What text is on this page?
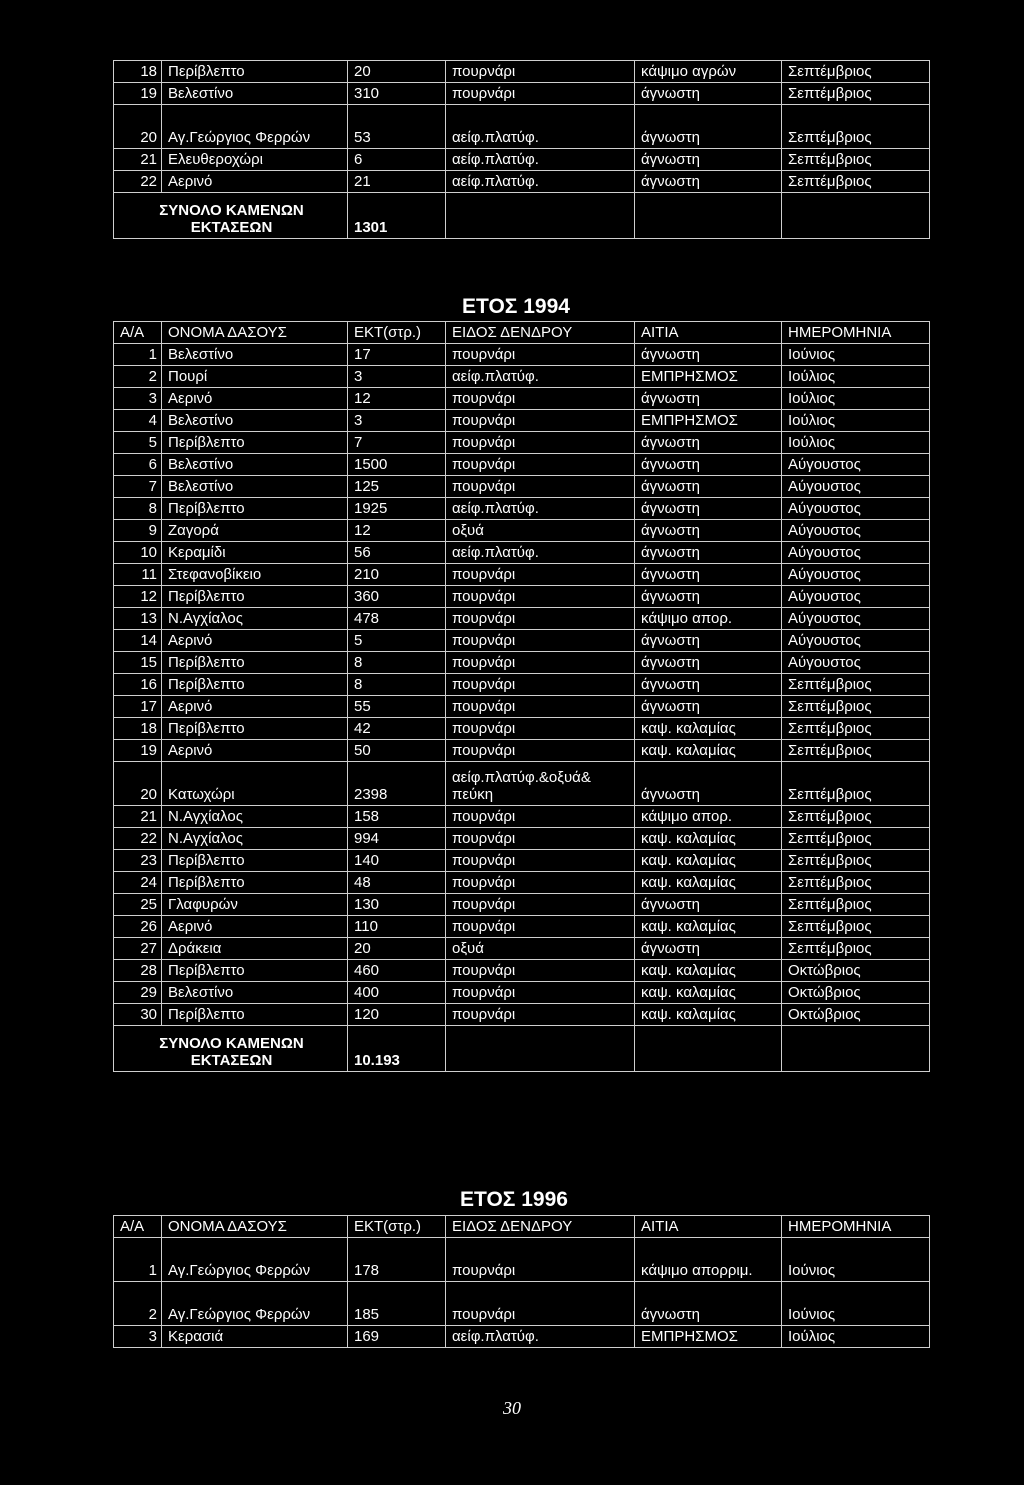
18	Περίβλεπτο	20	πουρνάρι	κάψιμο αγρών	Σεπτέμβριος
19	Βελεστίνο	310	πουρνάρι	άγνωστη	Σεπτέμβριος
20	Αγ.Γεώργιος Φερρών	53	αείφ.πλατύφ.	άγνωστη	Σεπτέμβριος
21	Ελευθεροχώρι	6	αείφ.πλατύφ.	άγνωστη	Σεπτέμβριος
22	Αερινό	21	αείφ.πλατύφ.	άγνωστη	Σεπτέμβριος
ΣΥΝΟΛΟ ΚΑΜΕΝΩΝ ΕΚΤΑΣΕΩΝ		1301			
ΕΤΟΣ 1994
Α/Α	ΟΝΟΜΑ ΔΑΣΟΥΣ	ΕΚΤ(στρ.)	ΕΙΔΟΣ ΔΕΝΔΡΟΥ	ΑΙΤΙΑ	ΗΜΕΡΟΜΗΝΙΑ
1	Βελεστίνο	17	πουρνάρι	άγνωστη	Ιούνιος
2	Πουρί	3	αείφ.πλατύφ.	ΕΜΠΡΗΣΜΟΣ	Ιούλιος
3	Αερινό	12	πουρνάρι	άγνωστη	Ιούλιος
4	Βελεστίνο	3	πουρνάρι	ΕΜΠΡΗΣΜΟΣ	Ιούλιος
5	Περίβλεπτο	7	πουρνάρι	άγνωστη	Ιούλιος
6	Βελεστίνο	1500	πουρνάρι	άγνωστη	Αύγουστος
7	Βελεστίνο	125	πουρνάρι	άγνωστη	Αύγουστος
8	Περίβλεπτο	1925	αείφ.πλατύφ.	άγνωστη	Αύγουστος
9	Ζαγορά	12	οξυά	άγνωστη	Αύγουστος
10	Κεραμίδι	56	αείφ.πλατύφ.	άγνωστη	Αύγουστος
11	Στεφανοβίκειο	210	πουρνάρι	άγνωστη	Αύγουστος
12	Περίβλεπτο	360	πουρνάρι	άγνωστη	Αύγουστος
13	Ν.Αγχίαλος	478	πουρνάρι	κάψιμο απορ.	Αύγουστος
14	Αερινό	5	πουρνάρι	άγνωστη	Αύγουστος
15	Περίβλεπτο	8	πουρνάρι	άγνωστη	Αύγουστος
16	Περίβλεπτο	8	πουρνάρι	άγνωστη	Σεπτέμβριος
17	Αερινό	55	πουρνάρι	άγνωστη	Σεπτέμβριος
18	Περίβλεπτο	42	πουρνάρι	καψ. καλαμίας	Σεπτέμβριος
19	Αερινό	50	πουρνάρι	καψ. καλαμίας	Σεπτέμβριος
20	Κατωχώρι	2398	αείφ.πλατύφ.&οξυά& πεύκη	άγνωστη	Σεπτέμβριος
21	Ν.Αγχίαλος	158	πουρνάρι	κάψιμο απορ.	Σεπτέμβριος
22	Ν.Αγχίαλος	994	πουρνάρι	καψ. καλαμίας	Σεπτέμβριος
23	Περίβλεπτο	140	πουρνάρι	καψ. καλαμίας	Σεπτέμβριος
24	Περίβλεπτο	48	πουρνάρι	καψ. καλαμίας	Σεπτέμβριος
25	Γλαφυρών	130	πουρνάρι	άγνωστη	Σεπτέμβριος
26	Αερινό	110	πουρνάρι	καψ. καλαμίας	Σεπτέμβριος
27	Δράκεια	20	οξυά	άγνωστη	Σεπτέμβριος
28	Περίβλεπτο	460	πουρνάρι	καψ. καλαμίας	Οκτώβριος
29	Βελεστίνο	400	πουρνάρι	καψ. καλαμίας	Οκτώβριος
30	Περίβλεπτο	120	πουρνάρι	καψ. καλαμίας	Οκτώβριος
ΣΥΝΟΛΟ ΚΑΜΕΝΩΝ ΕΚΤΑΣΕΩΝ		10.193			
ΕΤΟΣ 1996
Α/Α	ΟΝΟΜΑ ΔΑΣΟΥΣ	ΕΚΤ(στρ.)	ΕΙΔΟΣ ΔΕΝΔΡΟΥ	ΑΙΤΙΑ	ΗΜΕΡΟΜΗΝΙΑ
1	Αγ.Γεώργιος Φερρών	178	πουρνάρι	κάψιμο απορριμ.	Ιούνιος
2	Αγ.Γεώργιος Φερρών	185	πουρνάρι	άγνωστη	Ιούνιος
3	Κερασιά	169	αείφ.πλατύφ.	ΕΜΠΡΗΣΜΟΣ	Ιούλιος
30
